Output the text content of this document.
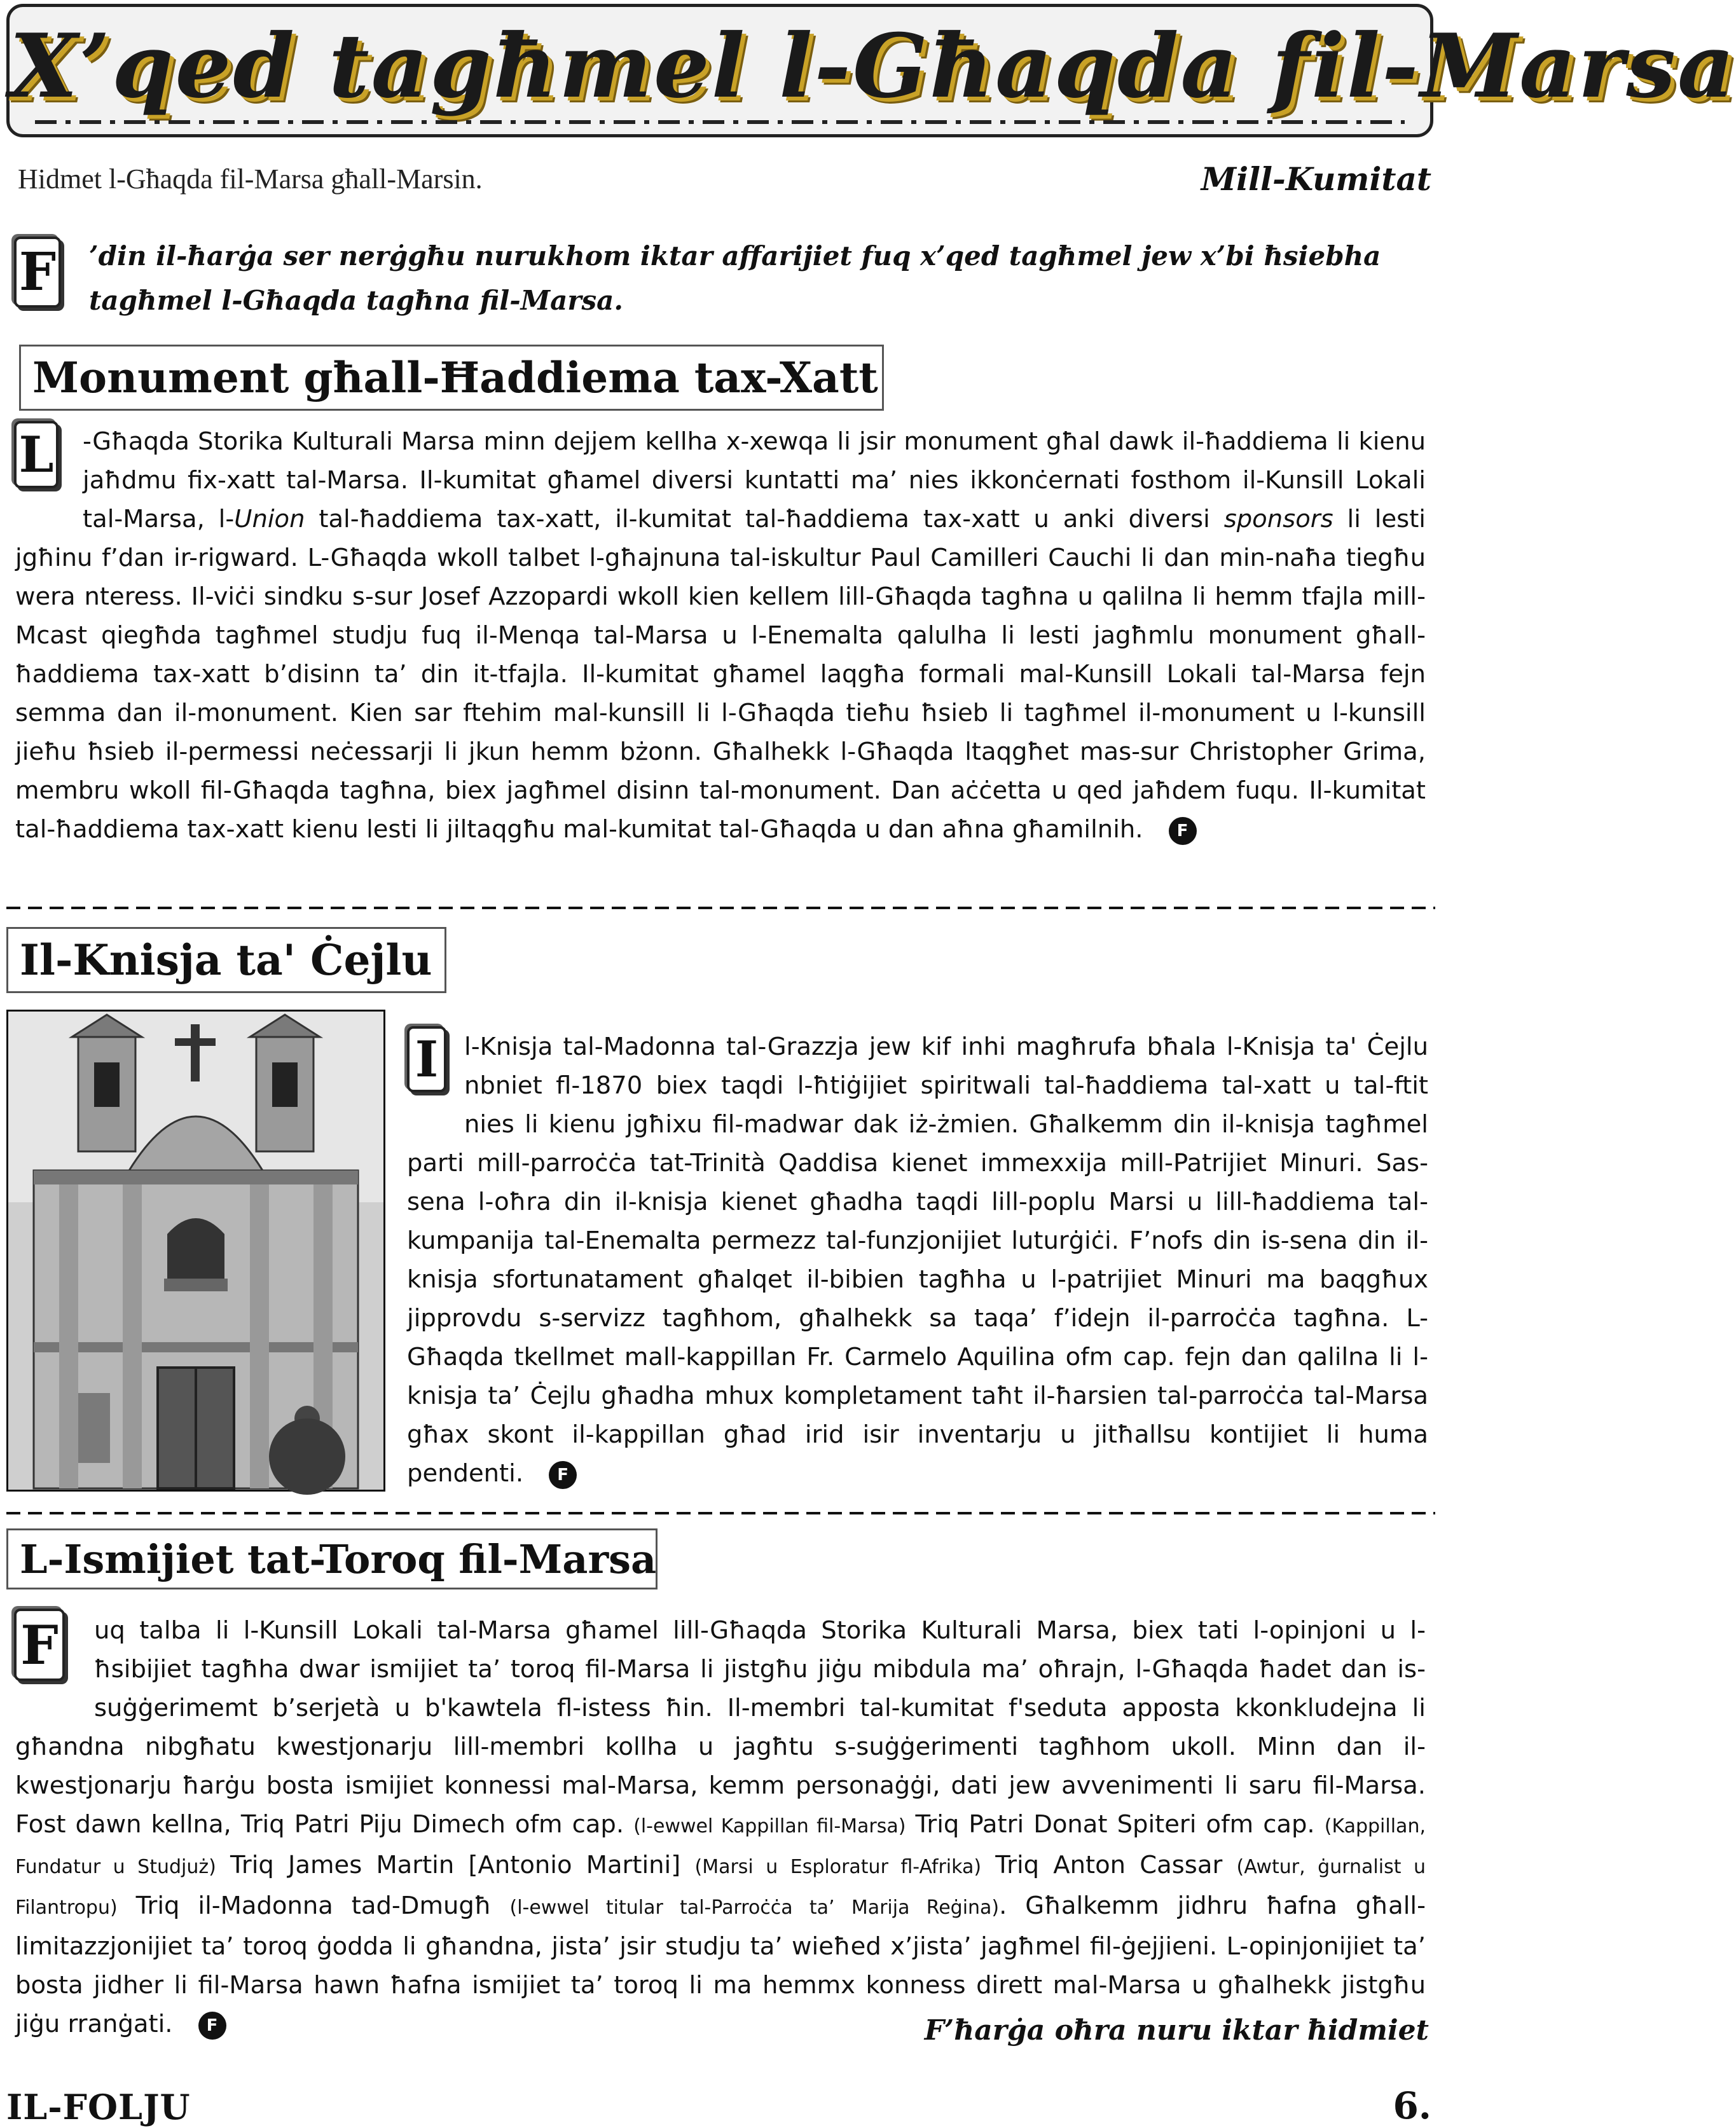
X’qed tagħmel l-Għaqda fil-Marsa
Hidmet l-Għaqda fil-Marsa għall-Marsin.	Mill-Kumitat
F ’din il-ħarġa ser nerġgħu nurukhom iktar affarijiet fuq x’qed tagħmel jew x’bi ħsiebha tagħmel l-Għaqda tagħna fil-Marsa.
Monument għall-Ħaddiema tax-Xatt
L	-Għaqda Storika Kulturali Marsa minn dejjem kellha x-xewqa li jsir monument għal dawk il-ħaddiema li kienu jaħdmu fix-xatt tal-Marsa. Il-kumitat għamel diversi kuntatti ma’ nies ikkonċernati fosthom il-Kunsill Lokali tal-Marsa, l-Union tal-ħaddiema tax-xatt, il-kumitat tal-ħaddiema tax-xatt u anki diversi sponsors li lesti jgħinu f’dan ir-rigward. L-Għaqda wkoll talbet l-għajnuna tal-iskultur Paul Camilleri Cauchi li dan min-naħa tiegħu wera nteress. Il-viċi sindku s-sur Josef Azzopardi wkoll kien kellem lill-Għaqda tagħna u qalilna li hemm tfajla mill-Mcast qiegħda tagħmel studju fuq il-Menqa tal-Marsa u l-Enemalta qalulha li lesti jagħmlu monument għall-ħaddiema tax-xatt b’disinn ta’ din it-tfajla. Il-kumitat għamel laqgħa formali mal-Kunsill Lokali tal-Marsa fejn semma dan il-monument. Kien sar ftehim mal-kunsill li l-Għaqda tieħu ħsieb li tagħmel il-monument u l-kunsill jieħu ħsieb il-permessi neċessarji li jkun hemm bżonn. Għalhekk l-Għaqda ltaqgħet mas-sur Christopher Grima, membru wkoll fil-Għaqda tagħna, biex jagħmel disinn tal-monument. Dan aċċetta u qed jaħdem fuqu. Il-kumitat tal-ħaddiema tax-xatt kienu lesti li jiltaqgħu mal-kumitat tal-Għaqda u dan aħna għamilnih. F
Il-Knisja ta' Ċejlu
I	l-Knisja tal-Madonna tal-Grazzja jew kif inhi magħrufa bħala l-Knisja ta' Ċejlu nbniet fl-1870 biex taqdi l-ħtiġijiet spiritwali tal-ħaddiema tal-xatt u tal-ftit nies li kienu jgħixu fil-madwar dak iż-żmien. Għalkemm din il-knisja tagħmel parti mill-parroċċa tat-Trinità Qaddisa kienet immexxija mill-Patrijiet Minuri. Sas-sena l-oħra din il-knisja kienet għadha taqdi lill-poplu Marsi u lill-ħaddiema tal-kumpanija tal-Enemalta permezz tal-funzjonijiet luturġiċi. F’nofs din is-sena din il-knisja sfortunatament għalqet il-bibien tagħha u l-patrijiet Minuri ma baqgħux jipprovdu s-servizz tagħhom, għalhekk sa taqa’ f’idejn il-parroċċa tagħna. L-Għaqda tkellmet mall-kappillan Fr. Carmelo Aquilina ofm cap. fejn dan qalilna li l-knisja ta’ Ċejlu għadha mhux kompletament taħt il-ħarsien tal-parroċċa tal-Marsa għax skont il-kappillan għad irid isir inventarju u jitħallsu kontijiet li huma pendenti. F
L-Ismijiet tat-Toroq fil-Marsa
F	uq talba li l-Kunsill Lokali tal-Marsa għamel lill-Għaqda Storika Kulturali Marsa, biex tati l-opinjoni u l-ħsibijiet tagħha dwar ismijiet ta’ toroq fil-Marsa li jistgħu jiġu mibdula ma’ oħrajn, l-Għaqda ħadet dan is-suġġerimemt b’serjetà u b'kawtela fl-istess ħin. Il-membri tal-kumitat f'seduta apposta kkonkludejna li għandna nibgħatu kwestjonarju lill-membri kollha u jagħtu s-suġġerimenti tagħhom ukoll. Minn dan il-kwestjonarju ħarġu bosta ismijiet konnessi mal-Marsa, kemm personaġġi, dati jew avvenimenti li saru fil-Marsa. Fost dawn kellna, Triq Patri Piju Dimech ofm cap. (l-ewwel Kappillan fil-Marsa) Triq Patri Donat Spiteri ofm cap. (Kappillan, Fundatur u Studjuż) Triq James Martin [Antonio Martini] (Marsi u Esploratur fl-Afrika) Triq Anton Cassar (Awtur, ġurnalist u Filantropu) Triq il-Madonna tad-Dmugħ (l-ewwel titular tal-Parroċċa ta’ Marija Reġina). Għalkemm jidhru ħafna għall-limitazzjonijiet ta’ toroq ġodda li għandna, jista’ jsir studju ta’ wieħed x’jista’ jagħmel fil-ġejjieni. L-opinjonijiet ta’ bosta jidher li fil-Marsa hawn ħafna ismijiet ta’ toroq li ma hemmx konness dirett mal-Marsa u għalhekk jistgħu jiġu rranġati. F	F’ħarġa oħra nuru iktar ħidmiet
IL-FOLJU	6.
